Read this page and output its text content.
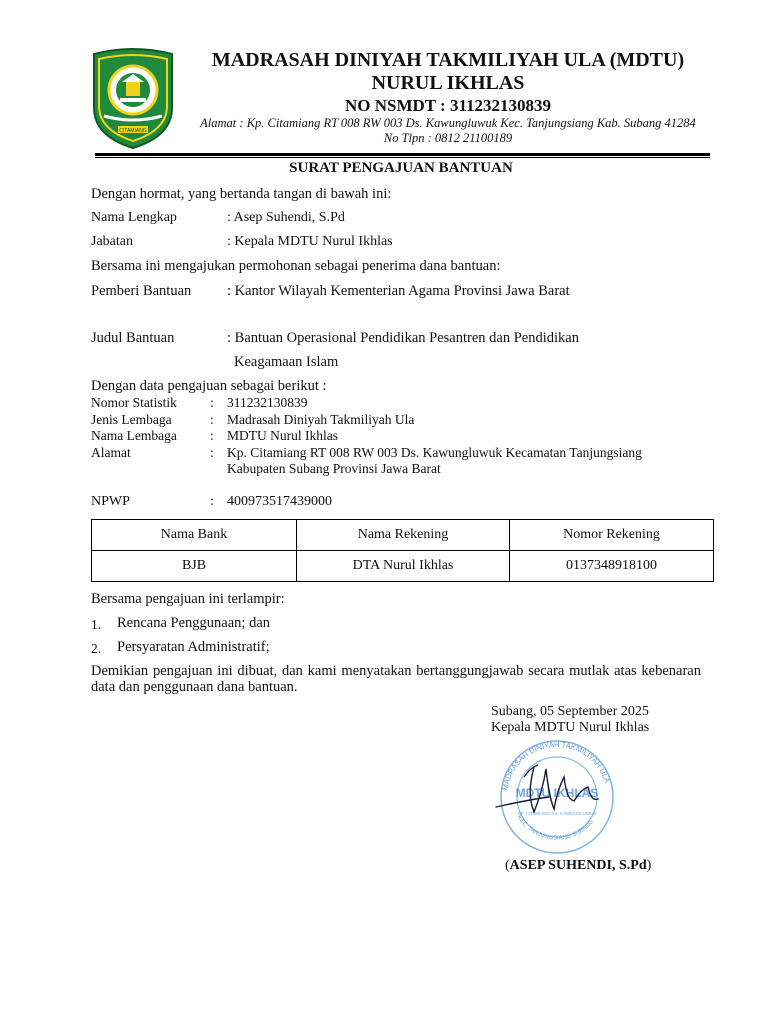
CITAMIANG
DTA NURUL IKHLAS	MADRASAH DINIYAH TAKMILIYAH ULA (MDTU)
NURUL IKHLAS
NO NSMDT : 311232130839
Alamat : Kp. Citamiang RT 008 RW 003 Ds. Kawungluwuk Kec. Tanjungsiang Kab. Subang 41284
No Tlpn : 0812 21100189
SURAT PENGAJUAN BANTUAN
Dengan hormat, yang bertanda tangan di bawah ini:
Nama Lengkap	: Asep Suhendi, S.Pd
Jabatan	: Kepala MDTU Nurul Ikhlas
Bersama ini mengajukan permohonan sebagai penerima dana bantuan:
Pemberi Bantuan : Kantor Wilayah Kementerian Agama Provinsi Jawa Barat
Judul Bantuan	: Bantuan Operasional Pendidikan Pesantren dan Pendidikan
Keagamaan Islam
Dengan data pengajuan sebagai berikut :
Nomor Statistik : 311232130839
Jenis Lembaga	: Madrasah Diniyah Takmiliyah Ula
Nama Lembaga : MDTU Nurul Ikhlas
Alamat	: Kp. Citamiang RT 008 RW 003 Ds. Kawungluwuk Kecamatan Tanjungsiang
Kabupaten Subang Provinsi Jawa Barat
NPWP	: 400973517439000
Nama Bank	Nama Rekening	Nomor Rekening
BJB	DTA Nurul Ikhlas	0137348918100
Bersama pengajuan ini terlampir:
1. Rencana Penggunaan; dan
2. Persyaratan Administratif;
Demikian pengajuan ini dibuat, dan kami menyatakan bertanggungjawab secara mutlak atas kebenaran data dan penggunaan dana bantuan.
Subang, 05 September 2025
Kepala MDTU Nurul Ikhlas
MADRASAH DINIYAH TAKMILIYAH ULA
KEC. TANJUNGSIANG SUBANG
MDTU IKHLAS
KP. CITAMIANG DS. KAWUNGLUWUK
(ASEP SUHENDI, S.Pd)
